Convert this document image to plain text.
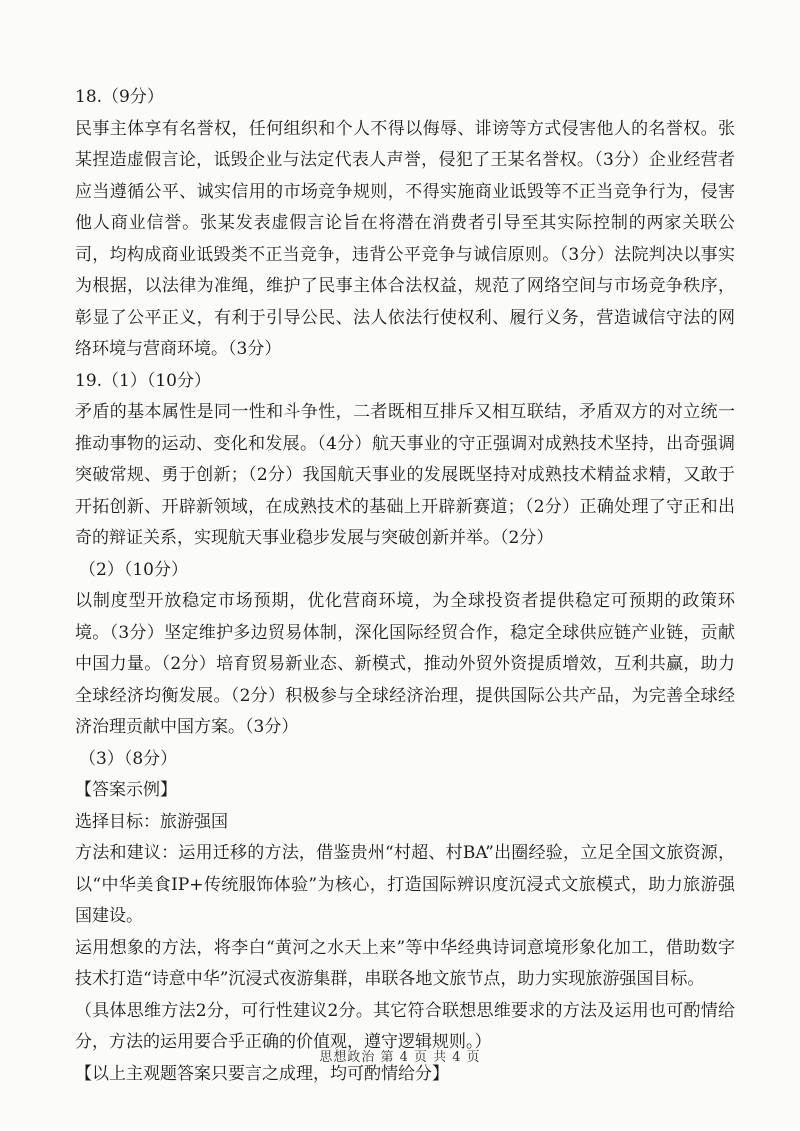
18.（9分）

民事主体享有名誉权，任何组织和个人不得以侮辱、诽谤等方式侵害他人的名誉权。张某捏造虚假言论，诋毁企业与法定代表人声誉，侵犯了王某名誉权。（3分）企业经营者应当遵循公平、诚实信用的市场竞争规则，不得实施商业诋毁等不正当竞争行为，侵害他人商业信誉。张某发表虚假言论旨在将潜在消费者引导至其实际控制的两家关联公司，均构成商业诋毁类不正当竞争，违背公平竞争与诚信原则。（3分）法院判决以事实为根据，以法律为准绳，维护了民事主体合法权益，规范了网络空间与市场竞争秩序，彰显了公平正义，有利于引导公民、法人依法行使权利、履行义务，营造诚信守法的网络环境与营商环境。（3分）

19.（1）（10分）

矛盾的基本属性是同一性和斗争性，二者既相互排斥又相互联结，矛盾双方的对立统一推动事物的运动、变化和发展。（4分）航天事业的守正强调对成熟技术坚持，出奇强调突破常规、勇于创新；（2分）我国航天事业的发展既坚持对成熟技术精益求精，又敢于开拓创新、开辟新领域，在成熟技术的基础上开辟新赛道；（2分）正确处理了守正和出奇的辩证关系，实现航天事业稳步发展与突破创新并举。（2分）

（2）（10分）

以制度型开放稳定市场预期，优化营商环境，为全球投资者提供稳定可预期的政策环境。（3分）坚定维护多边贸易体制，深化国际经贸合作，稳定全球供应链产业链，贡献中国力量。（2分）培育贸易新业态、新模式，推动外贸外资提质增效，互利共赢，助力全球经济均衡发展。（2分）积极参与全球经济治理，提供国际公共产品，为完善全球经济治理贡献中国方案。（3分）

（3）（8分）

【答案示例】

选择目标：旅游强国

方法和建议：运用迁移的方法，借鉴贵州“村超、村BA”出圈经验，立足全国文旅资源，以“中华美食IP+传统服饰体验”为核心，打造国际辨识度沉浸式文旅模式，助力旅游强国建设。

运用想象的方法，将李白“黄河之水天上来”等中华经典诗词意境形象化加工，借助数字技术打造“诗意中华”沉浸式夜游集群，串联各地文旅节点，助力实现旅游强国目标。

（具体思维方法2分，可行性建议2分。其它符合联想思维要求的方法及运用也可酌情给分，方法的运用要合乎正确的价值观，遵守逻辑规则。）

【以上主观题答案只要言之成理，均可酌情给分】

思想政治 第 4 页 共 4 页
